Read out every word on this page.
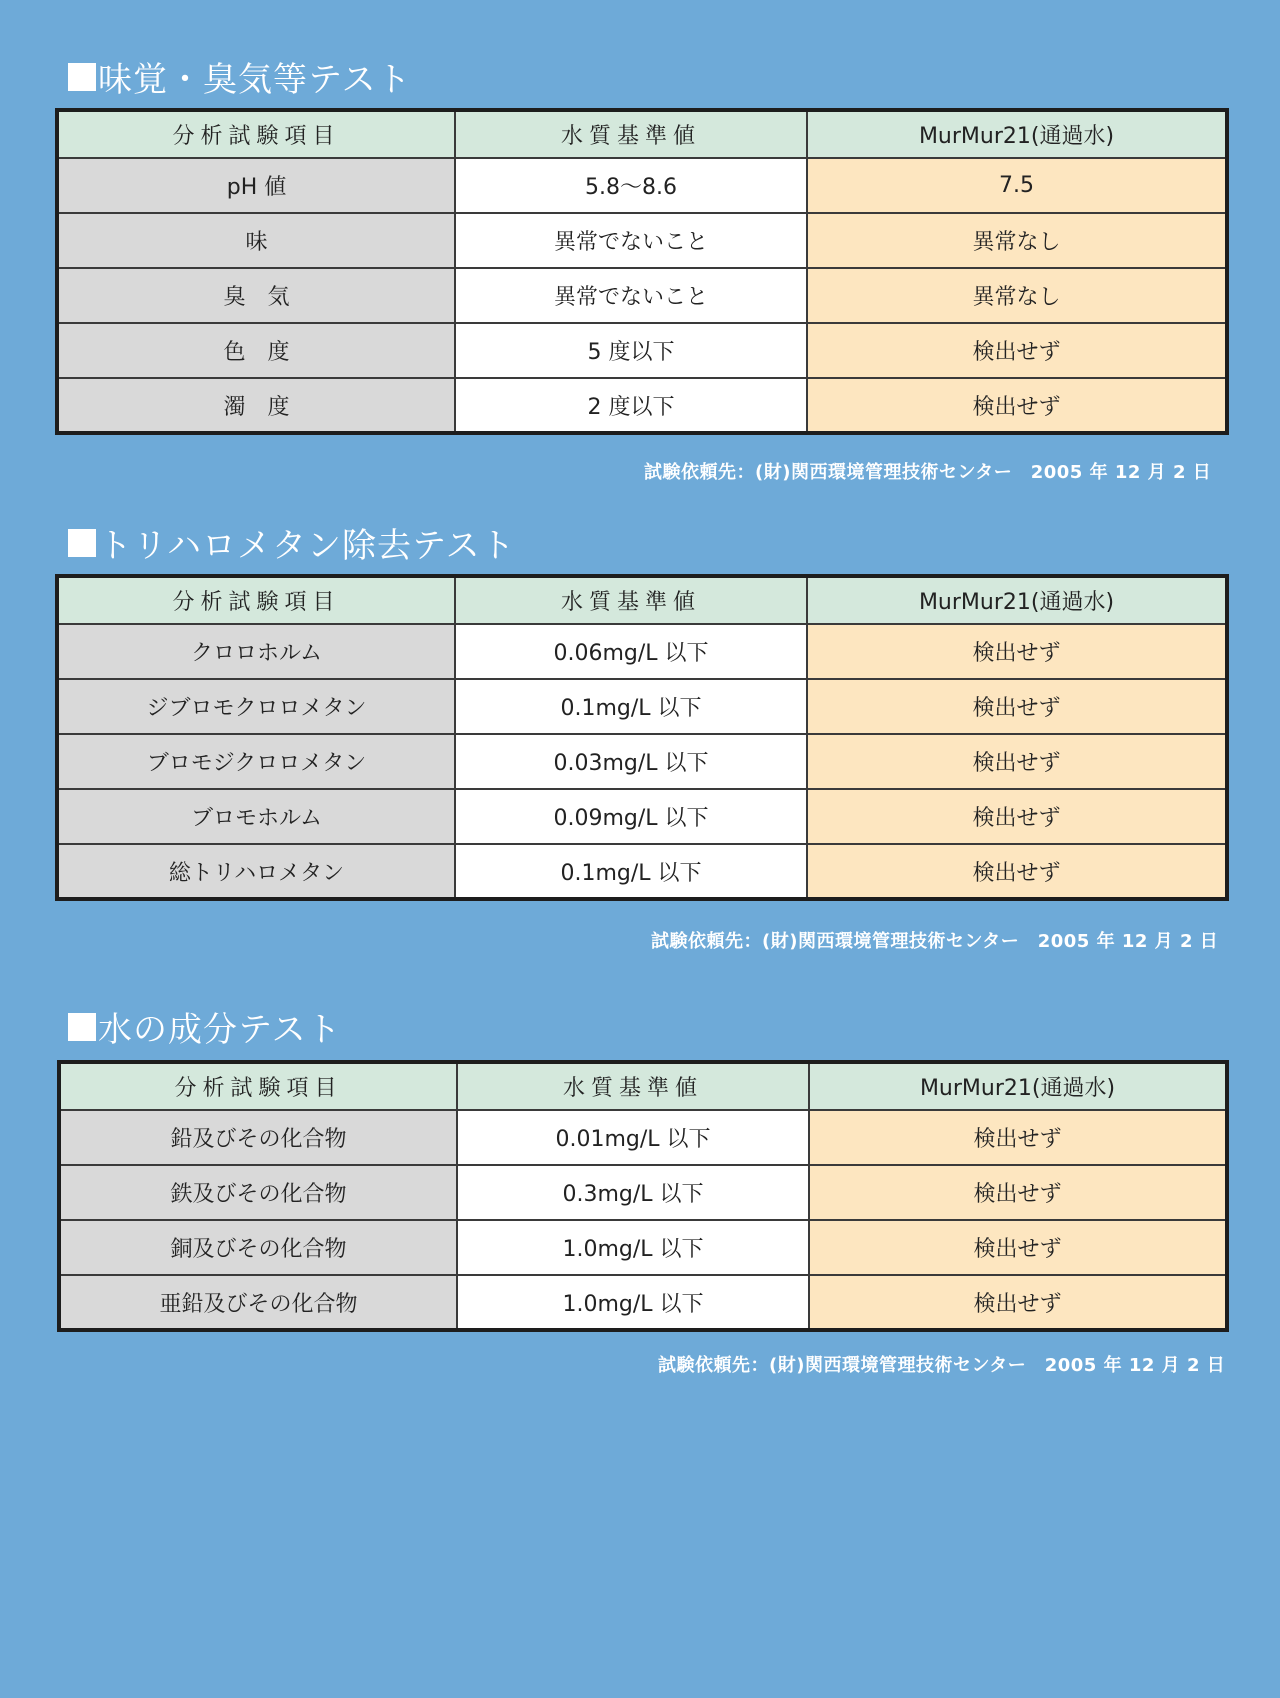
味覚・臭気等テスト
分析試験項目	水質基準値	MurMur21(通過水)
pH 値	5.8〜8.6	7.5
味	異常でないこと	異常なし
臭　気	異常でないこと	異常なし
色　度	5 度以下	検出せず
濁　度	2 度以下	検出せず
試験依頼先：(財)関西環境管理技術センター　2005 年 12 月 2 日
トリハロメタン除去テスト
分析試験項目	水質基準値	MurMur21(通過水)
クロロホルム	0.06mg/L 以下	検出せず
ジブロモクロロメタン	0.1mg/L 以下	検出せず
ブロモジクロロメタン	0.03mg/L 以下	検出せず
ブロモホルム	0.09mg/L 以下	検出せず
総トリハロメタン	0.1mg/L 以下	検出せず
試験依頼先：(財)関西環境管理技術センター　2005 年 12 月 2 日
水の成分テスト
分析試験項目	水質基準値	MurMur21(通過水)
鉛及びその化合物	0.01mg/L 以下	検出せず
鉄及びその化合物	0.3mg/L 以下	検出せず
銅及びその化合物	1.0mg/L 以下	検出せず
亜鉛及びその化合物	1.0mg/L 以下	検出せず
試験依頼先：(財)関西環境管理技術センター　2005 年 12 月 2 日
